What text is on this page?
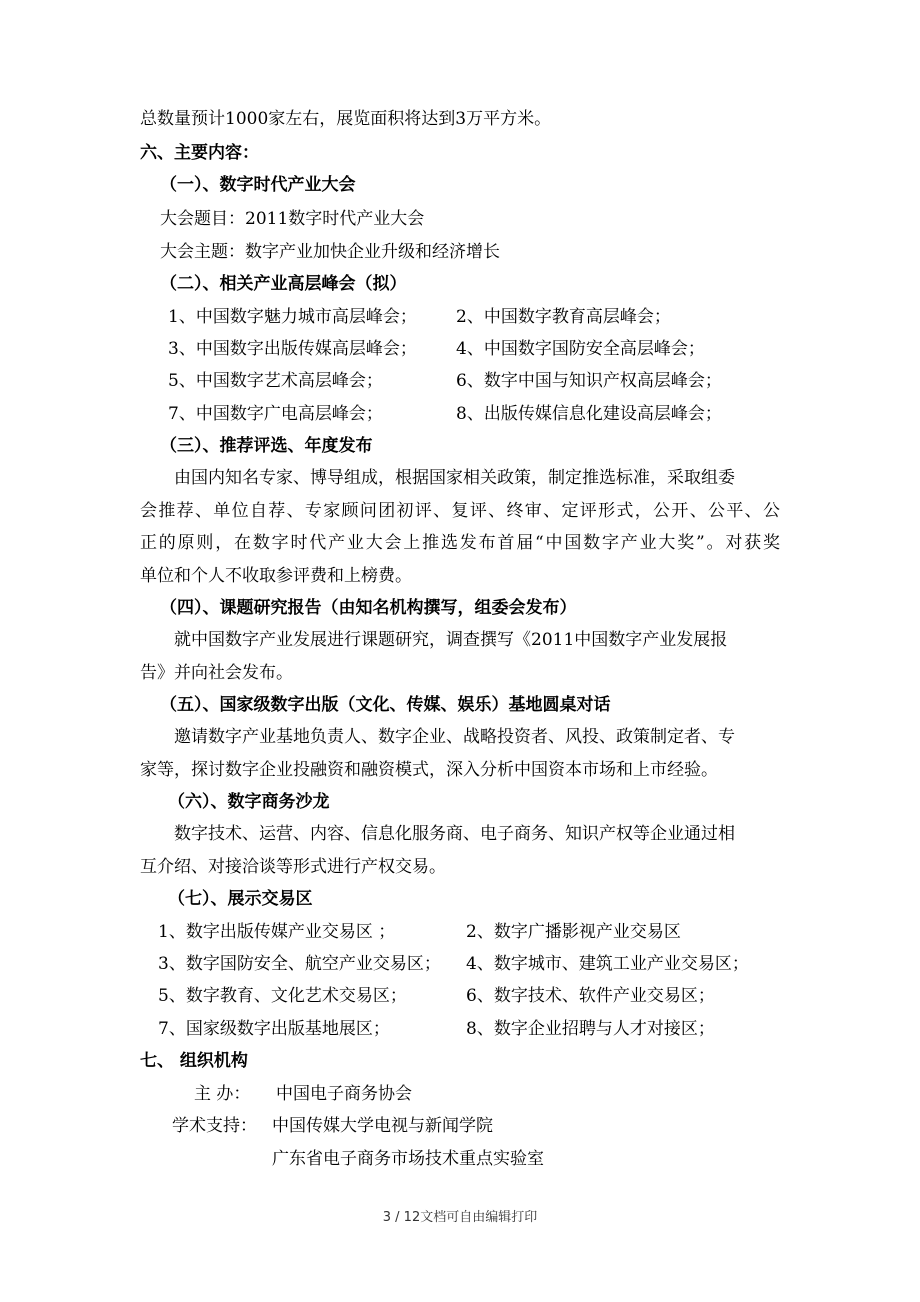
总数量预计1000家左右，展览面积将达到3万平方米。
六、主要内容：
（一）、数字时代产业大会
大会题目：2011数字时代产业大会
大会主题：数字产业加快企业升级和经济增长
（二）、相关产业高层峰会（拟）
1、中国数字魅力城市高层峰会； 2、中国数字教育高层峰会；
3、中国数字出版传媒高层峰会； 4、中国数字国防安全高层峰会；
5、中国数字艺术高层峰会；	6、数字中国与知识产权高层峰会；
7、中国数字广电高层峰会；	8、出版传媒信息化建设高层峰会；
（三）、推荐评选、年度发布
由国内知名专家、博导组成，根据国家相关政策，制定推选标准，采取组委
会推荐、单位自荐、专家顾问团初评、复评、终审、定评形式，公开、公平、公
正的原则，在数字时代产业大会上推选发布首届“中国数字产业大奖”。对获奖
单位和个人不收取参评费和上榜费。
（四）、课题研究报告（由知名机构撰写，组委会发布）
就中国数字产业发展进行课题研究，调查撰写《2011中国数字产业发展报
告》并向社会发布。
（五）、国家级数字出版（文化、传媒、娱乐）基地圆桌对话
邀请数字产业基地负责人、数字企业、战略投资者、风投、政策制定者、专
家等，探讨数字企业投融资和融资模式，深入分析中国资本市场和上市经验。
（六）、数字商务沙龙
数字技术、运营、内容、信息化服务商、电子商务、知识产权等企业通过相
互介绍、对接洽谈等形式进行产权交易。
（七）、展示交易区
1、数字出版传媒产业交易区 ；	2、数字广播影视产业交易区
3、数字国防安全、航空产业交易区； 4、数字城市、建筑工业产业交易区；
5、数字教育、文化艺术交易区；	6、数字技术、软件产业交易区；
7、国家级数字出版基地展区；	8、数字企业招聘与人才对接区；
七、 组织机构
主 办： 中国电子商务协会
学术支持： 中国传媒大学电视与新闻学院
广东省电子商务市场技术重点实验室
3 / 12文档可自由编辑打印
